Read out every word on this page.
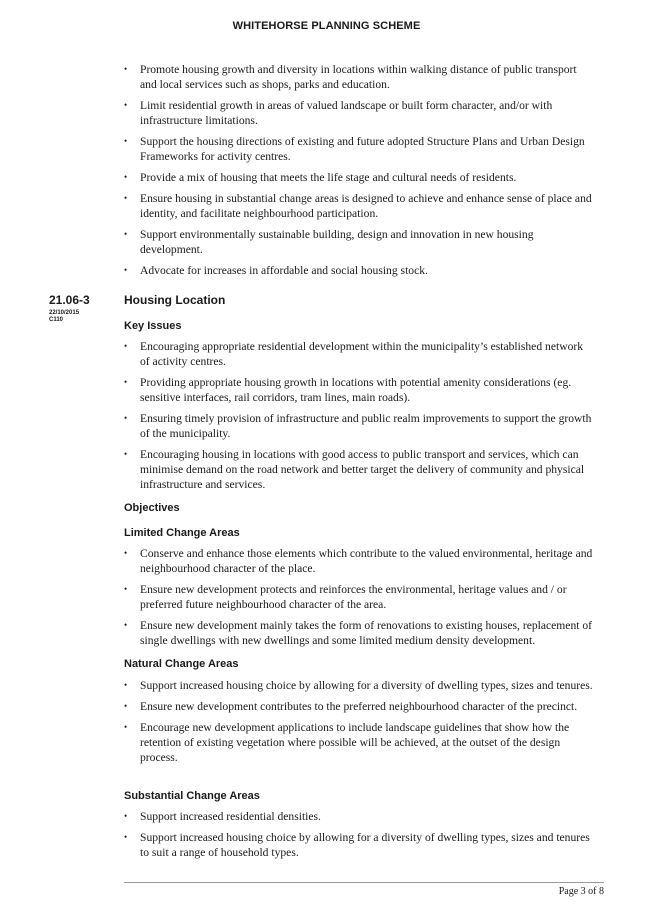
WHITEHORSE PLANNING SCHEME
• Promote housing growth and diversity in locations within walking distance of public transport and local services such as shops, parks and education.
• Limit residential growth in areas of valued landscape or built form character, and/or with infrastructure limitations.
• Support the housing directions of existing and future adopted Structure Plans and Urban Design Frameworks for activity centres.
• Provide a mix of housing that meets the life stage and cultural needs of residents.
• Ensure housing in substantial change areas is designed to achieve and enhance sense of place and identity, and facilitate neighbourhood participation.
• Support environmentally sustainable building, design and innovation in new housing development.
• Advocate for increases in affordable and social housing stock.
21.06-3
22/10/2015
C110
Housing Location
Key Issues
• Encouraging appropriate residential development within the municipality’s established network of activity centres.
• Providing appropriate housing growth in locations with potential amenity considerations (eg. sensitive interfaces, rail corridors, tram lines, main roads).
• Ensuring timely provision of infrastructure and public realm improvements to support the growth of the municipality.
• Encouraging housing in locations with good access to public transport and services, which can minimise demand on the road network and better target the delivery of community and physical infrastructure and services.
Objectives
Limited Change Areas
• Conserve and enhance those elements which contribute to the valued environmental, heritage and neighbourhood character of the place.
• Ensure new development protects and reinforces the environmental, heritage values and / or preferred future neighbourhood character of the area.
• Ensure new development mainly takes the form of renovations to existing houses, replacement of single dwellings with new dwellings and some limited medium density development.
Natural Change Areas
• Support increased housing choice by allowing for a diversity of dwelling types, sizes and tenures.
• Ensure new development contributes to the preferred neighbourhood character of the precinct.
• Encourage new development applications to include landscape guidelines that show how the retention of existing vegetation where possible will be achieved, at the outset of the design process.
Substantial Change Areas
• Support increased residential densities.
• Support increased housing choice by allowing for a diversity of dwelling types, sizes and tenures to suit a range of household types.
Page 3 of 8
